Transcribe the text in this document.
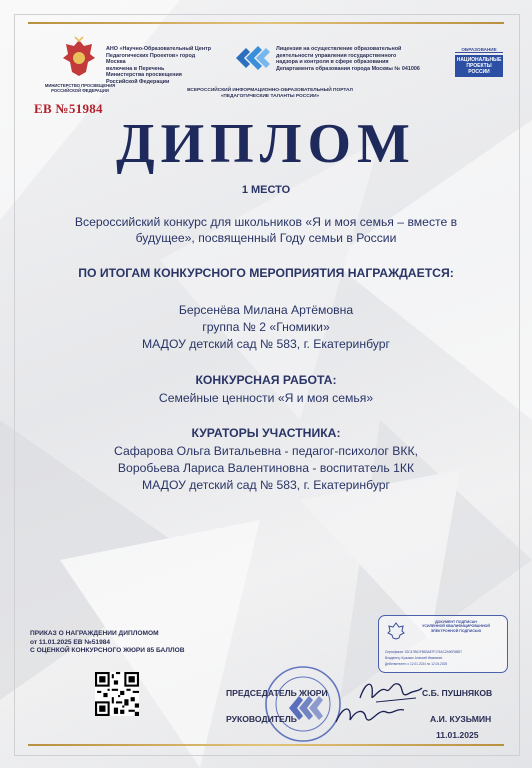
МИНИСТЕРСТВО ПРОСВЕЩЕНИЯ РОССИЙСКОЙ ФЕДЕРАЦИИ
АНО «Научно-Образовательный Центр
Педагогических Проектов» город Москва
включена в Перечень
Министерства просвещения
Российской Федерации
Лицензия на осуществление образовательной
деятельности управления государственного
надзора и контроля в сфере образования
Департамента образования города Москвы № 041006
ОБРАЗОВАНИЕ
НАЦИОНАЛЬНЫЕ
ПРОЕКТЫ
РОССИИ
ВСЕРОССИЙСКИЙ ИНФОРМАЦИОННО-ОБРАЗОВАТЕЛЬНЫЙ ПОРТАЛ
«ПЕДАГОГИЧЕСКИЕ ТАЛАНТЫ РОССИИ»
ЕВ №51984
ДИПЛОМ
1 МЕСТО
Всероссийский конкурс для школьников «Я и моя семья – вместе в
будущее», посвященный Году семьи в России
ПО ИТОГАМ КОНКУРСНОГО МЕРОПРИЯТИЯ НАГРАЖДАЕТСЯ:
Берсенёва Милана Артёмовна
группа № 2 «Гномики»
МАДОУ детский сад № 583, г. Екатеринбург
КОНКУРСНАЯ РАБОТА:
Семейные ценности «Я и моя семья»
КУРАТОРЫ УЧАСТНИКА:
Сафарова Ольга Витальевна - педагог-психолог ВКК,
Воробьева Лариса Валентиновна - воспитатель 1КК
МАДОУ детский сад № 583, г. Екатеринбург
ПРИКАЗ О НАГРАЖДЕНИИ ДИПЛОМОМ
от 11.01.2025 ЕВ №51984
С ОЦЕНКОЙ КОНКУРСНОГО ЖЮРИ 85 БАЛЛОВ
ДОКУМЕНТ ПОДПИСАН
УСИЛЕННОЙ КВАЛИФИЦИРОВАННОЙ
ЭЛЕКТРОННОЙ ПОДПИСЬЮ
Сертификат: 02C47B61FB83A87F176AC2A90F8BB7
Владелец: Кузьмин Алексей Иванович
Действителен: с 12.01.2024 по 12.04.2025
ПРЕДСЕДАТЕЛЬ ЖЮРИ	С.Б. ПУШНЯКОВ
РУКОВОДИТЕЛЬ	А.И. КУЗЬМИН
11.01.2025
